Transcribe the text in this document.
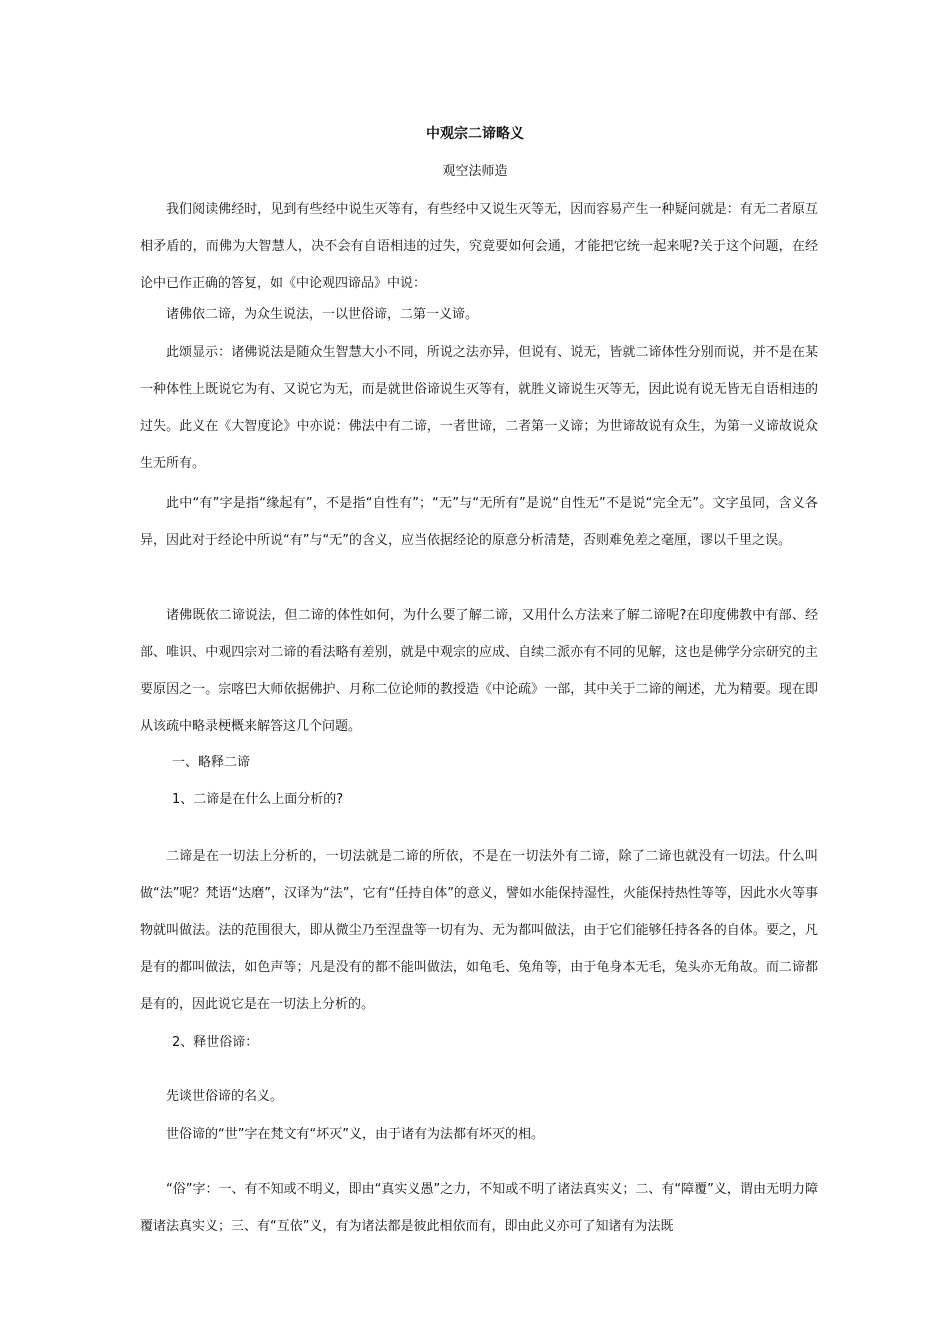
中观宗二谛略义
观空法师造

我们阅读佛经时，见到有些经中说生灭等有，有些经中又说生灭等无，因而容易产生一种疑问就是：有无二者原互相矛盾的，而佛为大智慧人，决不会有自语相违的过失，究竟要如何会通，才能把它统一起来呢?关于这个问题，在经论中已作正确的答复，如《中论观四谛品》中说：

诸佛依二谛，为众生说法，一以世俗谛，二第一义谛。

此颂显示：诸佛说法是随众生智慧大小不同，所说之法亦异，但说有、说无，皆就二谛体性分别而说，并不是在某一种体性上既说它为有、又说它为无，而是就世俗谛说生灭等有，就胜义谛说生灭等无，因此说有说无皆无自语相违的过失。此义在《大智度论》中亦说：佛法中有二谛，一者世谛，二者第一义谛；为世谛故说有众生，为第一义谛故说众生无所有。

此中“有”字是指“缘起有”，不是指“自性有”；“无”与“无所有”是说“自性无”不是说“完全无”。文字虽同，含义各异，因此对于经论中所说“有”与“无”的含义，应当依据经论的原意分析清楚，否则难免差之毫厘，谬以千里之误。

诸佛既依二谛说法，但二谛的体性如何，为什么要了解二谛，又用什么方法来了解二谛呢?在印度佛教中有部、经部、唯识、中观四宗对二谛的看法略有差别，就是中观宗的应成、自续二派亦有不同的见解，这也是佛学分宗研究的主要原因之一。宗喀巴大师依据佛护、月称二位论师的教授造《中论疏》一部，其中关于二谛的阐述，尤为精要。现在即从该疏中略录梗概来解答这几个问题。

一、略释二谛
1、二谛是在什么上面分析的?

二谛是在一切法上分析的，一切法就是二谛的所依，不是在一切法外有二谛，除了二谛也就没有一切法。什么叫做“法”呢？梵语“达磨”，汉译为“法”，它有“任持自体”的意义，譬如水能保持湿性，火能保持热性等等，因此水火等事物就叫做法。法的范围很大，即从微尘乃至涅盘等一切有为、无为都叫做法，由于它们能够任持各各的自体。要之，凡是有的都叫做法，如色声等；凡是没有的都不能叫做法，如龟毛、兔角等，由于龟身本无毛，兔头亦无角故。而二谛都是有的，因此说它是在一切法上分析的。

2、释世俗谛：

先谈世俗谛的名义。

世俗谛的“世”字在梵文有“坏灭”义，由于诸有为法都有坏灭的相。

“俗”字：一、有不知或不明义，即由“真实义愚”之力，不知或不明了诸法真实义；二、有“障覆”义，谓由无明力障覆诸法真实义；三、有“互依”义，有为诸法都是彼此相依而有，即由此义亦可了知诸有为法既
